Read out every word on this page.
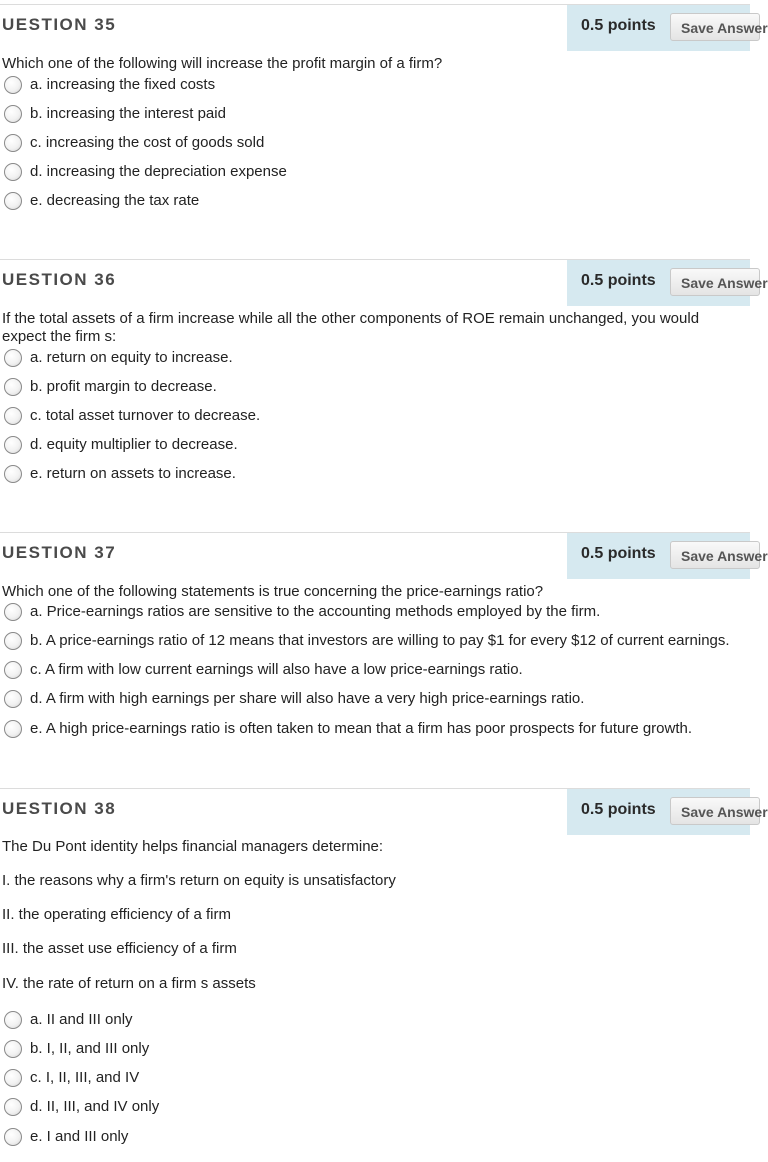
UESTION 35	0.5 points	Save Answer
Which one of the following will increase the profit margin of a firm?
a. increasing the fixed costs
b. increasing the interest paid
c. increasing the cost of goods sold
d. increasing the depreciation expense
e. decreasing the tax rate
UESTION 36	0.5 points	Save Answer
If the total assets of a firm increase while all the other components of ROE remain unchanged, you would expect the firm s:
a. return on equity to increase.
b. profit margin to decrease.
c. total asset turnover to decrease.
d. equity multiplier to decrease.
e. return on assets to increase.
UESTION 37	0.5 points	Save Answer
Which one of the following statements is true concerning the price-earnings ratio?
a. Price-earnings ratios are sensitive to the accounting methods employed by the firm.
b. A price-earnings ratio of 12 means that investors are willing to pay $1 for every $12 of current earnings.
c. A firm with low current earnings will also have a low price-earnings ratio.
d. A firm with high earnings per share will also have a very high price-earnings ratio.
e. A high price-earnings ratio is often taken to mean that a firm has poor prospects for future growth.
UESTION 38	0.5 points	Save Answer
The Du Pont identity helps financial managers determine:
I. the reasons why a firm's return on equity is unsatisfactory
II. the operating efficiency of a firm
III. the asset use efficiency of a firm
IV. the rate of return on a firm s assets
a. II and III only
b. I, II, and III only
c. I, II, III, and IV
d. II, III, and IV only
e. I and III only
